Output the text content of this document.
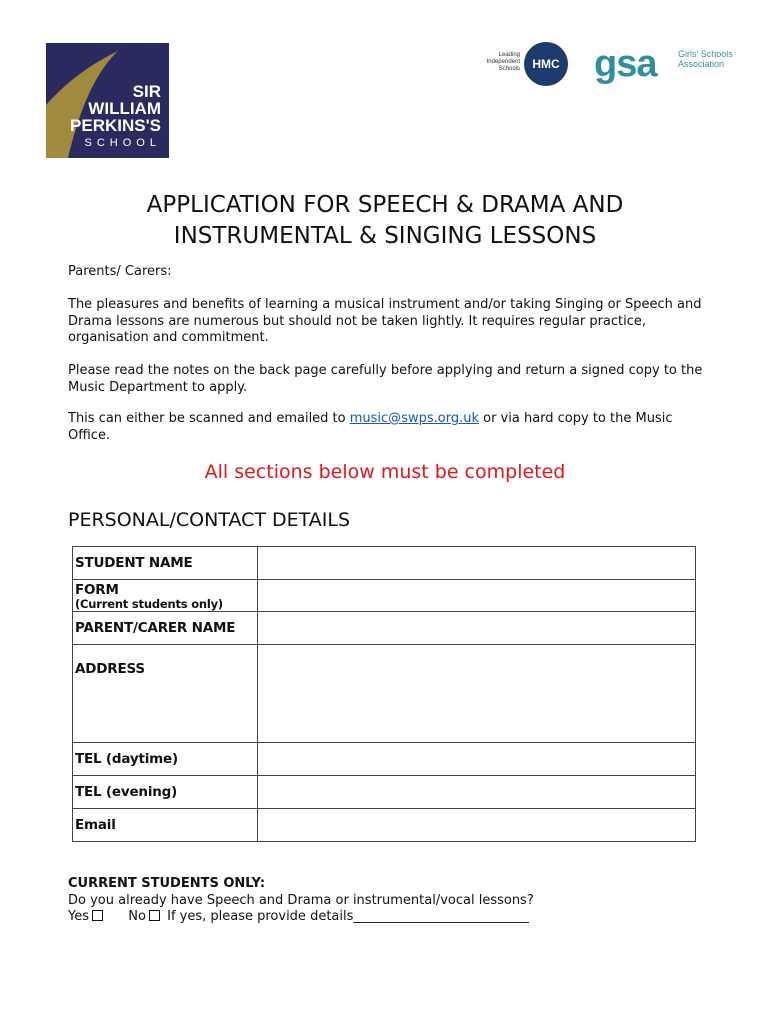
SIR
WILLIAM
PERKINS'S
SCHOOL
Leading Independent Schools	HMC gsa Girls' Schools Association
APPLICATION FOR SPEECH & DRAMA AND
INSTRUMENTAL & SINGING LESSONS

Parents/ Carers:

The pleasures and benefits of learning a musical instrument and/or taking Singing or Speech and Drama lessons are numerous but should not be taken lightly. It requires regular practice, organisation and commitment.

Please read the notes on the back page carefully before applying and return a signed copy to the Music Department to apply.

This can either be scanned and emailed to music@swps.org.uk or via hard copy to the Music Office.

All sections below must be completed

PERSONAL/CONTACT DETAILS
STUDENT NAME	

FORM
(Current students only)	

PARENT/CARER NAME	
ADDRESS	
TEL (daytime)	
TEL (evening)	
Email	
CURRENT STUDENTS ONLY:
Do you already have Speech and Drama or instrumental/vocal lessons?
Yes	No If yes, please provide details___________________________
